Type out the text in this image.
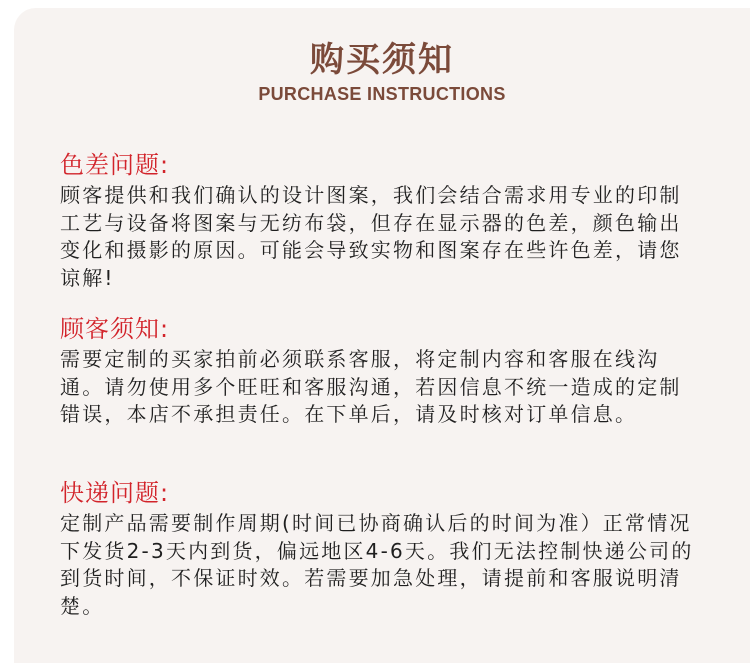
购买须知
PURCHASE INSTRUCTIONS
色差问题:

顾客提供和我们确认的设计图案，我们会结合需求用专业的印制工艺与设备将图案与无纺布袋，但存在显示器的色差，颜色输出变化和摄影的原因。可能会导致实物和图案存在些许色差，请您谅解!

顾客须知:

需要定制的买家拍前必须联系客服，将定制内容和客服在线沟通。请勿使用多个旺旺和客服沟通，若因信息不统一造成的定制错误，本店不承担责任。在下单后，请及时核对订单信息。

快递问题:

定制产品需要制作周期(时间已协商确认后的时间为准）正常情况下发货2-3天内到货，偏远地区4-6天。我们无法控制快递公司的到货时间，不保证时效。若需要加急处理，请提前和客服说明清楚。
